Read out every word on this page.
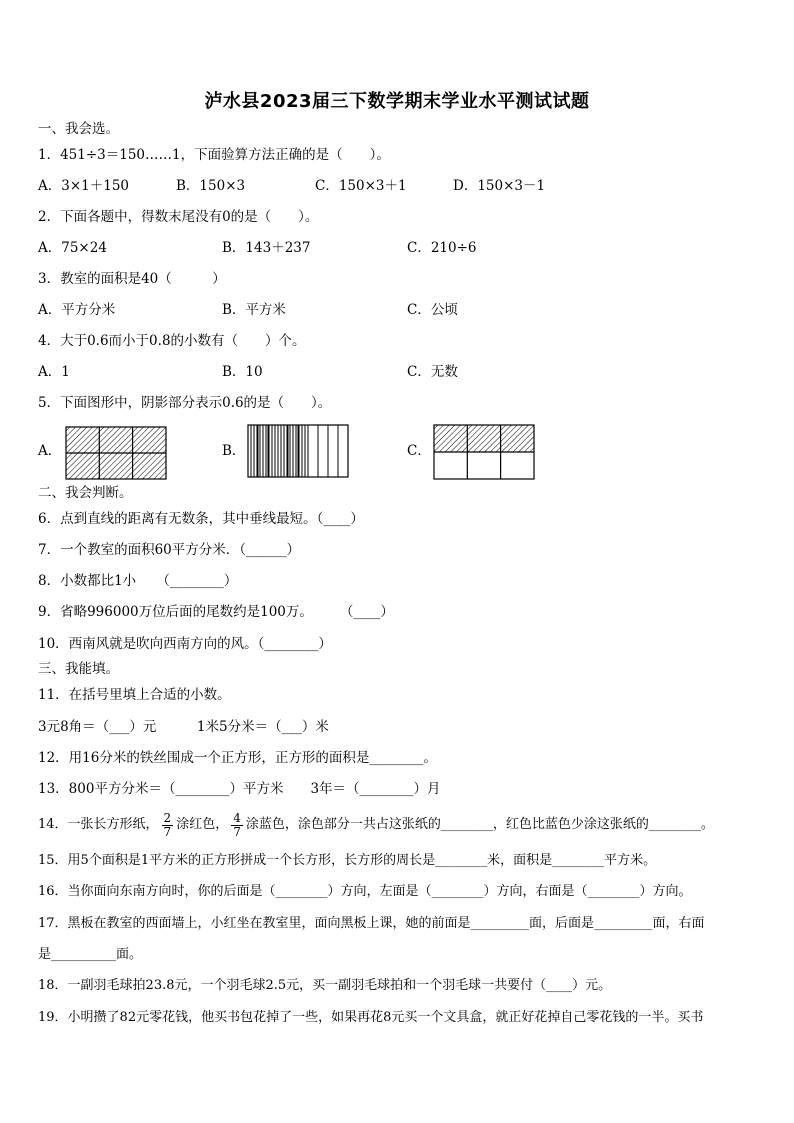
泸水县2023届三下数学期末学业水平测试试题
一、我会选。
1．451÷3＝150……1，下面验算方法正确的是（　　）。
A．3×1＋150	B．150×3	C．150×3＋1	D．150×3－1
2．下面各题中，得数末尾没有0的是（　　）。
A．75×24	B．143＋237	C．210÷6
3．教室的面积是40（　　　）
A．平方分米	B．平方米	C．公顷
4．大于0.6而小于0.8的小数有（　　）个。
A．1	B．10	C．无数
5．下面图形中，阴影部分表示0.6的是（　　）。
A．	B．	C．
二、我会判断。
6．点到直线的距离有无数条，其中垂线最短。（____）
7．一个教室的面积60平方分米．（______）
8．小数都比1小　　（________）
9．省略996000万位后面的尾数约是100万。　　　（____）
10．西南风就是吹向西南方向的风。（________）
三、我能填。
11．在括号里填上合适的小数。
3元8角＝（___）元　　　1米5分米＝（___）米
12．用16分米的铁丝围成一个正方形，正方形的面积是________。
13．800平方分米＝（________）平方米　　3年＝（________）月
14．一张长方形纸， $\frac{2}{7}$ 涂红色， $\frac{4}{7}$ 涂蓝色，涂色部分一共占这张纸的________，红色比蓝色少涂这张纸的________。
15．用5个面积是1平方米的正方形拼成一个长方形，长方形的周长是________米，面积是________平方米。
16．当你面向东南方向时，你的后面是（________）方向，左面是（________）方向，右面是（________）方向。
17．黑板在教室的西面墙上，小红坐在教室里，面向黑板上课，她的前面是_________面，后面是_________面，右面
是__________面。
18．一副羽毛球拍23.8元，一个羽毛球2.5元，买一副羽毛球拍和一个羽毛球一共要付（____）元。
19．小明攒了82元零花钱，他买书包花掉了一些，如果再花8元买一个文具盒，就正好花掉自己零花钱的一半。买书
